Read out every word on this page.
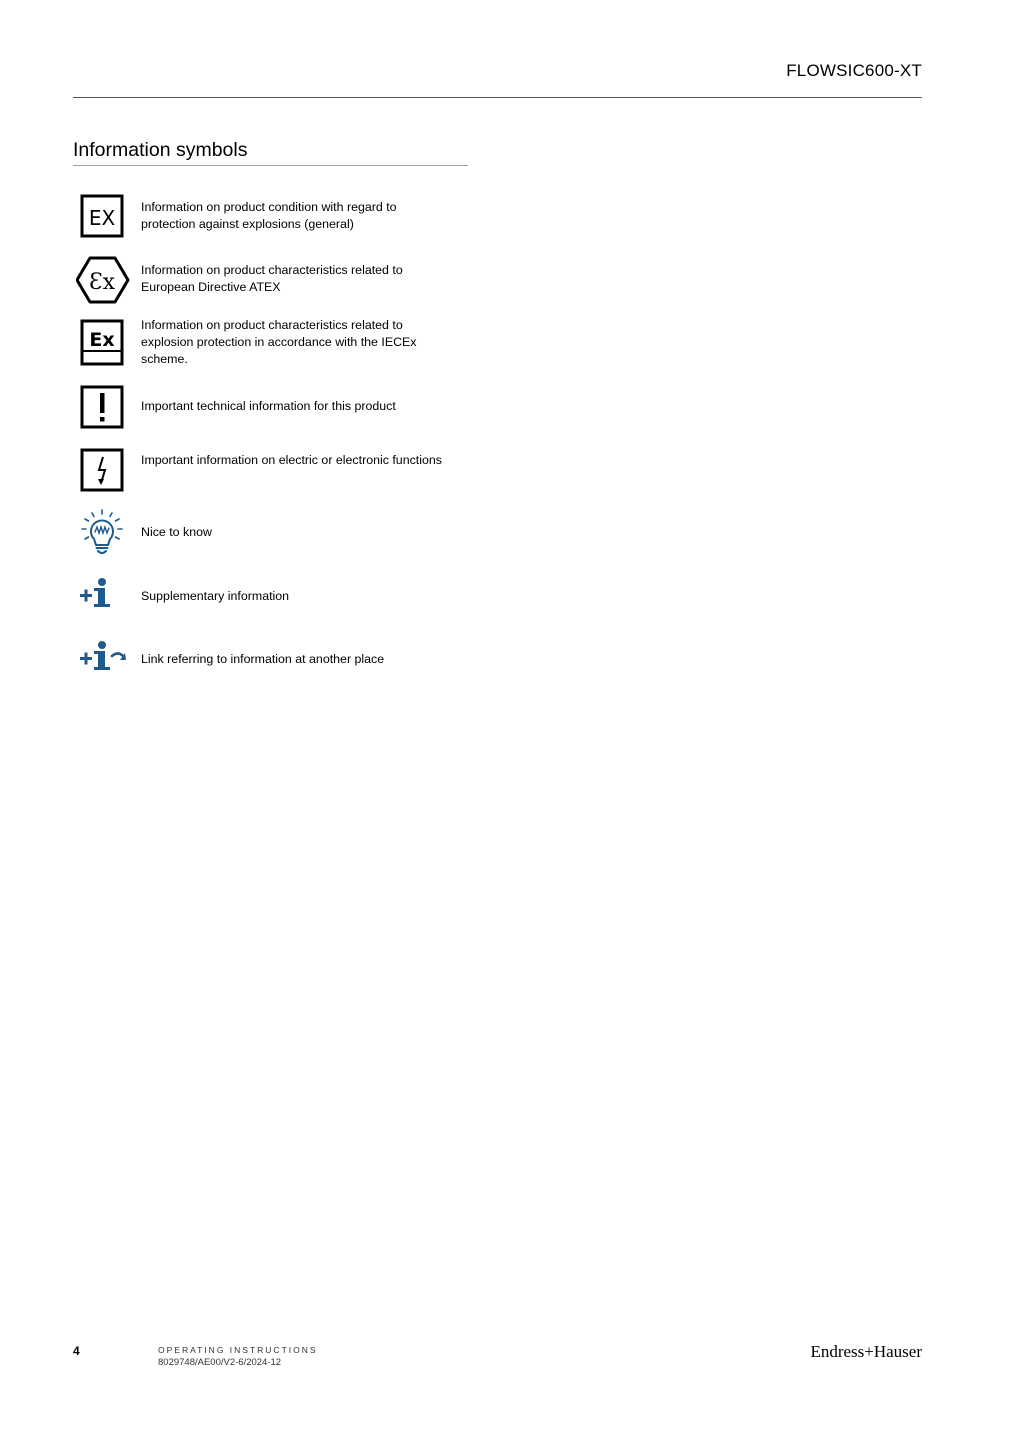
FLOWSIC600-XT
Information symbols
EX Information on product condition with regard to protection against explosions (general)
Ɛx Information on product characteristics related to European Directive ATEX
Ex
Information on product characteristics related to explosion protection in accordance with the IECEx scheme.
Important technical information for this product
Important information on electric or electronic functions
Nice to know
Supplementary information
Link referring to information at another place
4	OPERATING INSTRUCTIONS
8029748/AE00/V2-6/2024-12
Endress+Hauser
